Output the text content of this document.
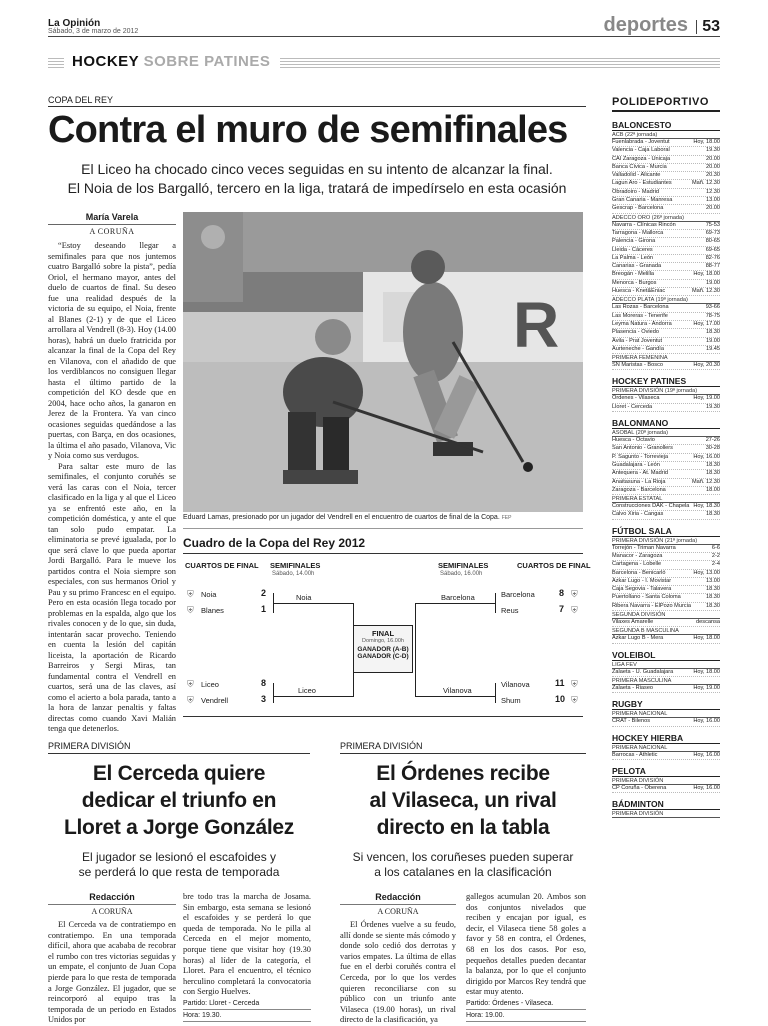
La Opinión
Sábado, 3 de marzo de 2012	deportes 53
HOCKEY SOBRE PATINES
COPA DEL REY
Contra el muro de semifinales
El Liceo ha chocado cinco veces seguidas en su intento de alcanzar la final.
El Noia de los Bargalló, tercero en la liga, tratará de impedírselo en esta ocasión
María Varela
A CORUÑA

“Estoy deseando llegar a semifinales para que nos juntemos cuatro Bargalló sobre la pista”, pedía Oriol, el hermano mayor, antes del duelo de cuartos de final. Su deseo fue una realidad después de la victoria de su equipo, el Noia, frente al Blanes (2-1) y de que el Liceo arrollara al Vendrell (8-3). Hoy (14.00 horas), habrá un duelo fratricida por alcanzar la final de la Copa del Rey en Vilanova, con el añadido de que los verdiblancos no consiguen llegar hasta el último partido de la competición del KO desde que en 2004, hace ocho años, la ganaron en Jerez de la Frontera. Ya van cinco ocasiones seguidas quedándose a las puertas, con Barça, en dos ocasiones, la última el año pasado, Vilanova, Vic y Noia como sus verdugos.

Para saltar este muro de las semifinales, el conjunto coruñés se verá las caras con el Noia, tercer clasificado en la liga y al que el Liceo ya se enfrentó este año, en la competición doméstica, y ante el que tan solo pudo empatar. La eliminatoria se prevé igualada, por lo que será clave lo que pueda aportar Jordi Bargalló. Para le mueve los partidos contra el Noia siempre son especiales, con sus hermanos Oriol y Pau y su primo Francesc en el equipo. Pero en esta ocasión llega tocado por problemas en la espalda, algo que los rivales conocen y de lo que, sin duda, intentarán sacar provecho. Teniendo en cuenta la lesión del capitán liceista, la aportación de Ricardo Barreiros y Sergi Miras, tan fundamental contra el Vendrell en cuartos, será una de las claves, así como el acierto a bola parada, tanto a la hora de lanzar penaltis y faltas directas como cuando Xavi Malián tenga que detenerlos.

R
Eduard Lamas, presionado por un jugador del Vendrell en el encuentro de cuartos de final de la Copa. FEP
Cuadro de la Copa del Rey 2012
CUARTOS DE FINAL SEMIFINALES
Sábado, 14.00h
SEMIFINALES
Sábado, 16.00h
CUARTOS DE FINAL
⛨ Noia	2
⛨ Blanes	1
Noia
⛨ Liceo	8
⛨ Vendrell	3
Liceo
FINAL
Domingo, 16.00h
GANADOR (A-B)
GANADOR (C-D)
Barcelona	Barcelona	8 ⛨
Reus	7 ⛨
Vilanova
Vilanova	11 ⛨
Shum	10 ⛨
PRIMERA DIVISIÓN
El Cerceda quiere
dedicar el triunfo en
Lloret a Jorge González
El jugador se lesionó el escafoides y
se perderá lo que resta de temporada
Redacción
A CORUÑA

El Cerceda va de contratiempo en contratiempo. En una temporada difícil, ahora que acababa de recobrar el rumbo con tres victorias seguidas y un empate, el conjunto de Juan Copa pierde para lo que resta de temporada a Jorge González. El jugador, que se reincorporó al equipo tras la temporada de un periodo en Estados Unidos por

bre todo tras la marcha de Josama. Sin embargo, esta semana se lesionó el escafoides y se perderá lo que queda de temporada. No le pilla al Cerceda en el mejor momento, porque tiene que visitar hoy (19.30 horas) al líder de la categoría, el Lloret. Para el encuentro, el técnico herculino completará la convocatoria con Sergio Huelves.

Partido: Lloret - Cerceda
Hora: 19.30.
PRIMERA DIVISIÓN
El Órdenes recibe
al Vilaseca, un rival
directo en la tabla
Si vencen, los coruñeses pueden superar
a los catalanes en la clasificación
Redacción
A CORUÑA

El Órdenes vuelve a su feudo, allí donde se siente más cómodo y donde solo cedió dos derrotas y varios empates. La última de ellas fue en el derbi coruñés contra el Cerceda, por lo que los verdes quieren reconciliarse con su público con un triunfo ante Vilaseca (19.00 horas), un rival directo de la clasificación, ya

gallegos acumulan 20. Ambos son dos conjuntos nivelados que reciben y encajan por igual, es decir, el Vilaseca tiene 58 goles a favor y 58 en contra, el Órdenes, 68 en los dos casos. Por eso, pequeños detalles pueden decantar la balanza, por lo que el conjunto dirigido por Marcos Rey tendrá que estar muy atento.

Partido: Órdenes - Vilaseca.
Hora: 19.00.
POLIDEPORTIVO
BALONCESTO
ACB (22ª jornada)
Fuenlabrada - Joventut	Hoy, 18.00
Valencia - Caja Laboral	19.30
CAI Zaragoza - Unicaja	20.00
Banca Cívica - Murcia	20.00
Valladolid - Alicante	20.30
Lagun Aro - Estudiantes	Mañ. 12.30
Obradoiro - Madrid	12.30
Gran Canaria - Manresa	13.00
Gescrap - Barcelona	20.00
ADECCO ORO (26ª jornada)
Navarra - Clínicas Rincón	75-53
Tarragona - Mallorca	69-73
Palencia - Girona	80-65
Lleida - Cáceres	69-65
La Palma - León	82-76
Canarias - Granada	88-77
Breogán - Melilla	Hoy, 18.00
Menorca - Burgos	19.00
Huesca - Knet&Eniac	Mañ. 12.30
ADECCO PLATA (19ª jornada)
Las Rozas - Barcelona	93-66
Las Moreras - Tenerife	78-75
Leyma Natura - Andorra	Hoy, 17.00
Plasencia - Oviedo	18.30
Ávila - Prat Joventut	19.00
Aurteneche - Gandía	19.45
PRIMERA FEMENINA
SN Maristas - Bosco	Hoy, 20.30
HOCKEY PATINES
PRIMERA DIVISIÓN (19ª jornada)
Órdenes - Vilaseca	Hoy, 19.00
Lloret - Cerceda	19.30
BALONMANO
ASOBAL (20ª jornada)
Huesca - Octavio	27-26
San Antonio - Granollers	30-28
P. Sagunto - Torrevieja	Hoy, 16.00
Guadalajara - León	18.30
Antequera - At. Madrid	18.30
Anaitasuna - La Rioja	Mañ. 12.30
Zaragoza - Barcelona	18.00
PRIMERA ESTATAL
Construcciones DAK - Chapela Hoy, 18.30
Calvo Xiria - Cangas	18.30
FÚTBOL SALA
PRIMERA DIVISIÓN (21ª jornada)
Torrejón - Triman Navarra	6-6
Manacor - Zaragoza	2-2
Cartagena - Lobelle	2-4
Barcelona - Benicarló	Hoy, 13.00
Azkar Lugo - I. Movistar	13.00
Caja Segovia - Talavera	18.30
Puertollano - Santa Coloma	18.30
Ribera Navarra - ElPozo Murcia	18.30
SEGUNDA DIVISIÓN
Vilaxes Amarelle	descansa
SEGUNDA B MASCULINA
Azkar Lugo B - Mera	Hoy, 18.00
VOLEIBOL
LIGA FEV
Zalaeta - U. Guadalajara	Hoy, 18.00
PRIMERA MASCULINA
Zalaeta - Riaseo	Hoy, 19.00
RUGBY
PRIMERA NACIONAL
CRAT - Bilenos	Hoy, 16.00
HOCKEY HIERBA
PRIMERA NACIONAL
Barrocas - Athletic	Hoy, 16.00
PELOTA
PRIMERA DIVISIÓN
CP Coruña - Oberena	Hoy, 16.00
BÁDMINTON
PRIMERA DIVISIÓN
